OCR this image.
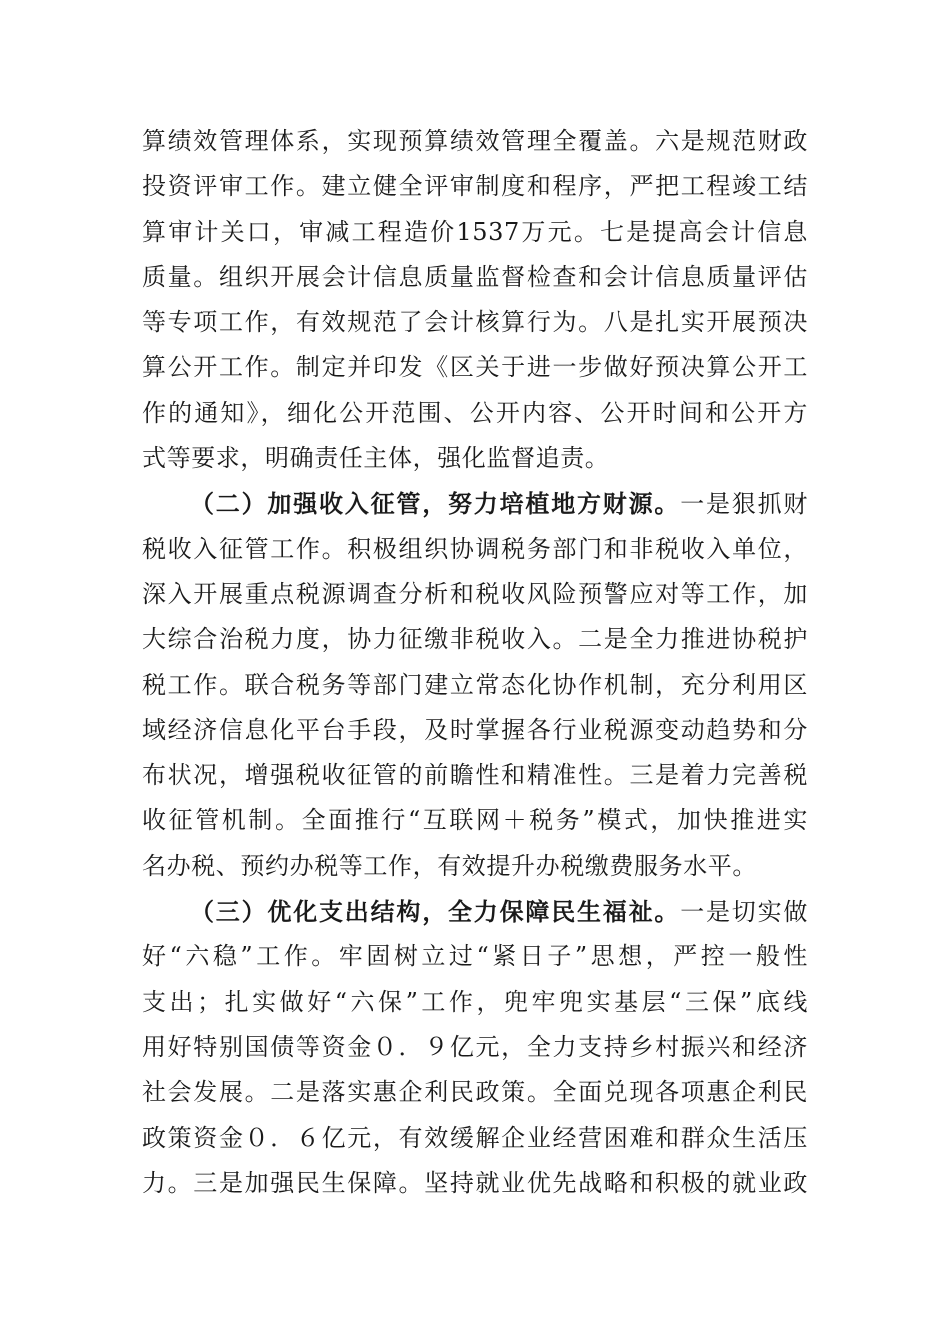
算绩效管理体系，实现预算绩效管理全覆盖。六是规范财政
投资评审工作。建立健全评审制度和程序，严把工程竣工结
算审计关口，审减工程造价1537万元。七是提高会计信息
质量。组织开展会计信息质量监督检查和会计信息质量评估
等专项工作，有效规范了会计核算行为。八是扎实开展预决
算公开工作。制定并印发《区关于进一步做好预决算公开工
作的通知》，细化公开范围、公开内容、公开时间和公开方
式等要求，明确责任主体，强化监督追责。
（二）加强收入征管，努力培植地方财源。一是狠抓财
税收入征管工作。积极组织协调税务部门和非税收入单位，
深入开展重点税源调查分析和税收风险预警应对等工作，加
大综合治税力度，协力征缴非税收入。二是全力推进协税护
税工作。联合税务等部门建立常态化协作机制，充分利用区
域经济信息化平台手段，及时掌握各行业税源变动趋势和分
布状况，增强税收征管的前瞻性和精准性。三是着力完善税
收征管机制。全面推行“互联网＋税务”模式，加快推进实
名办税、预约办税等工作，有效提升办税缴费服务水平。
（三）优化支出结构，全力保障民生福祉。一是切实做
好“六稳”工作。牢固树立过“紧日子”思想，严控一般性
支出；扎实做好“六保”工作，兜牢兜实基层“三保”底线
用好特别国债等资金０．９亿元，全力支持乡村振兴和经济
社会发展。二是落实惠企利民政策。全面兑现各项惠企利民
政策资金０．６亿元，有效缓解企业经营困难和群众生活压
力。三是加强民生保障。坚持就业优先战略和积极的就业政
